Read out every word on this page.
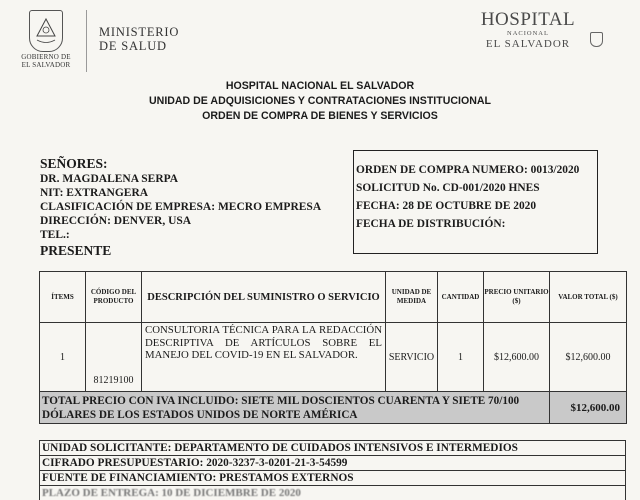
GOBIERNO DE
EL SALVADOR
MINISTERIO
DE SALUD
HOSPITAL
NACIONAL
EL SALVADOR
HOSPITAL NACIONAL EL SALVADOR
UNIDAD DE ADQUISICIONES Y CONTRATACIONES INSTITUCIONAL
ORDEN DE COMPRA DE BIENES Y SERVICIOS
SEÑORES:
DR. MAGDALENA SERPA
NIT: EXTRANGERA
CLASIFICACIÓN DE EMPRESA: MECRO EMPRESA
DIRECCIÓN: DENVER, USA
TEL.:
PRESENTE
ORDEN DE COMPRA NUMERO: 0013/2020
SOLICITUD No. CD-001/2020 HNES
FECHA: 28 DE OCTUBRE DE 2020
FECHA DE DISTRIBUCIÓN:
ÍTEMS	CÓDIGO DEL PRODUCTO	DESCRIPCIÓN DEL SUMINISTRO O SERVICIO	UNIDAD DE MEDIDA	CANTIDAD	PRECIO UNITARIO ($)	VALOR TOTAL ($)
1	81219100	CONSULTORIA TÉCNICA PARA LA REDACCIÓN DESCRIPTIVA DE ARTÍCULOS SOBRE EL MANEJO DEL COVID-19 EN EL SALVADOR.	SERVICIO	1	$12,600.00	$12,600.00
TOTAL PRECIO CON IVA INCLUIDO: SIETE MIL DOSCIENTOS CUARENTA Y SIETE 70/100 DÓLARES DE LOS ESTADOS UNIDOS DE NORTE AMÉRICA						$12,600.00
UNIDAD SOLICITANTE: DEPARTAMENTO DE CUIDADOS INTENSIVOS E INTERMEDIOS
CIFRADO PRESUPUESTARIO: 2020-3237-3-0201-21-3-54599
FUENTE DE FINANCIAMIENTO: PRESTAMOS EXTERNOS
PLAZO DE ENTREGA: 10 DE DICIEMBRE DE 2020
